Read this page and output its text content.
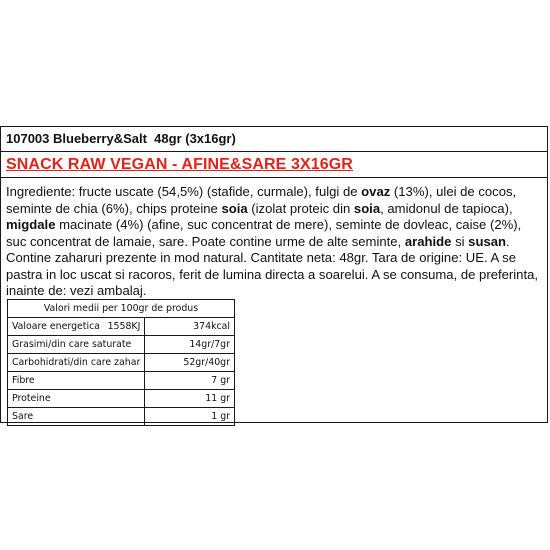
107003 Blueberry&Salt 48gr (3x16gr)
SNACK RAW VEGAN - AFINE&SARE 3X16GR
Ingrediente: fructe uscate (54,5%) (stafide, curmale), fulgi de ovaz (13%), ulei de cocos, seminte de chia (6%), chips proteine soia (izolat proteic din soia, amidonul de tapioca), migdale macinate (4%) (afine, suc concentrat de mere), seminte de dovleac, caise (2%), suc concentrat de lamaie, sare. Poate contine urme de alte seminte, arahide si susan. Contine zaharuri prezente in mod natural. Cantitate neta: 48gr. Tara de origine: UE. A se pastra in loc uscat si racoros, ferit de lumina directa a soarelui. A se consuma, de preferinta, inainte de: vezi ambalaj.
Valori medii per 100gr de produs	
Valoare energetica 1558KJ	374kcal
Grasimi/din care saturate	14gr/7gr
Carbohidrati/din care zahar	52gr/40gr
Fibre	7 gr
Proteine	11 gr
Sare	1 gr
